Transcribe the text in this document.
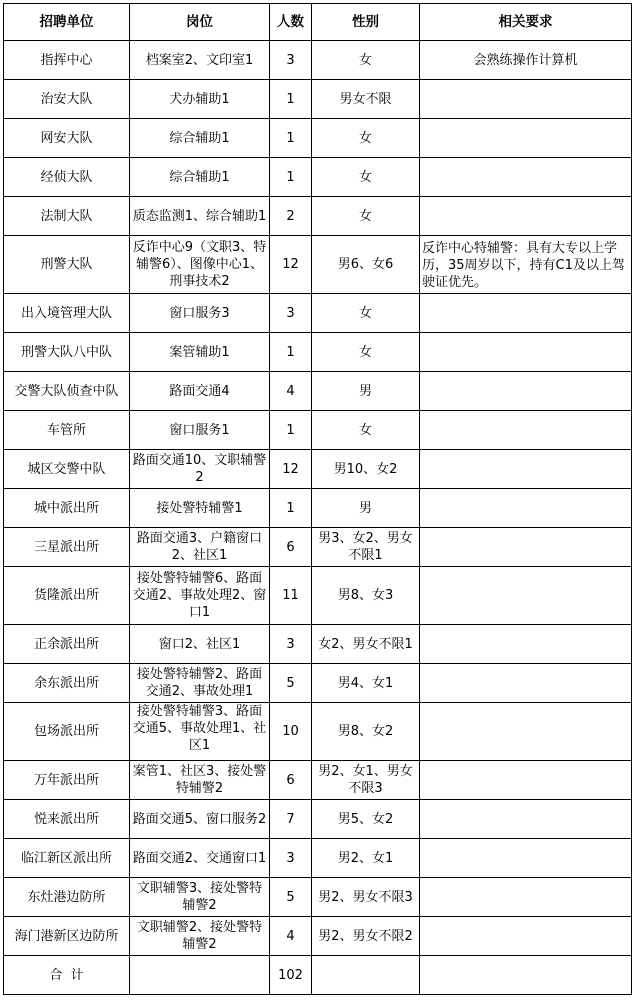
招聘单位	岗位	人数	性别	相关要求
指挥中心	档案室2、文印室1	3	女	会熟练操作计算机
治安大队	犬办辅助1	1	男女不限	
网安大队	综合辅助1	1	女	
经侦大队	综合辅助1	1	女	
法制大队	质态监测1、综合辅助1	2	女	
刑警大队	反诈中心9（文职3、特辅警6）、图像中心1、刑事技术2	12	男6、女6	反诈中心特辅警：具有大专以上学历，35周岁以下，持有C1及以上驾驶证优先。
出入境管理大队	窗口服务3	3	女	
刑警大队八中队	案管辅助1	1	女	
交警大队侦查中队	路面交通4	4	男	
车管所	窗口服务1	1	女	
城区交警中队	路面交通10、文职辅警2	12	男10、女2	
城中派出所	接处警特辅警1	1	男	
三星派出所	路面交通3、户籍窗口2、社区1	6	男3、女2、男女不限1	
货隆派出所	接处警特辅警6、路面交通2、事故处理2、窗口1	11	男8、女3	
正余派出所	窗口2、社区1	3	女2、男女不限1	
余东派出所	接处警特辅警2、路面交通2、事故处理1	5	男4、女1	
包场派出所	接处警特辅警3、路面交通5、事故处理1、社区1	10	男8、女2	
万年派出所	案管1、社区3、接处警特辅警2	6	男2、女1、男女不限3	
悦来派出所	路面交通5、窗口服务2	7	男5、女2	
临江新区派出所	路面交通2、交通窗口1	3	男2、女1	
东灶港边防所	文职辅警3、接处警特辅警2	5	男2、男女不限3	
海门港新区边防所	文职辅警2、接处警特辅警2	4	男2、男女不限2	
合  计		102		
